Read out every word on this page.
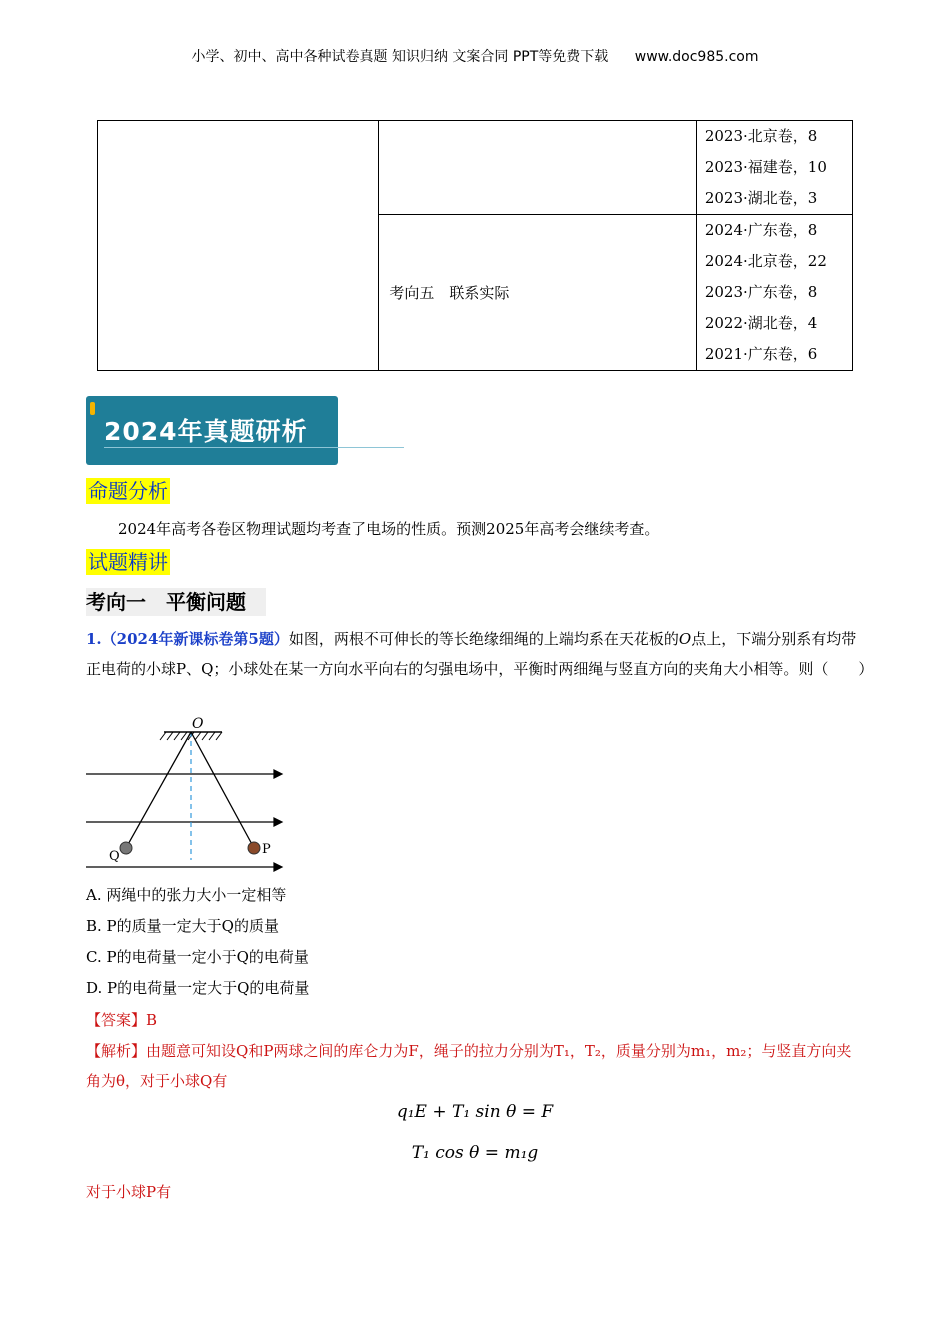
小学、初中、高中各种试卷真题 知识归纳 文案合同 PPT等免费下载 www.doc985.com

		2023·北京卷，8
2023·福建卷，10
2023·湖北卷，3

	考向五　联系实际	2024·广东卷，8
2024·北京卷，22
2023·广东卷，8
2022·湖北卷，4
2021·广东卷，6
2024年真题研析
命题分析
2024年高考各卷区物理试题均考查了电场的性质。预测2025年高考会继续考查。
试题精讲
考向一　平衡问题
1.（2024年新课标卷第5题）如图，两根不可伸长的等长绝缘细绳的上端均系在天花板的O点上，下端分别系有均带正电荷的小球P、Q；小球处在某一方向水平向右的匀强电场中，平衡时两细绳与竖直方向的夹角大小相等。则（　　）
O
Q	P
A. 两绳中的张力大小一定相等
B. P的质量一定大于Q的质量
C. P的电荷量一定小于Q的电荷量
D. P的电荷量一定大于Q的电荷量
【答案】B
【解析】由题意可知设Q和P两球之间的库仑力为F，绳子的拉力分别为T₁，T₂，质量分别为m₁，m₂；与竖直方向夹角为θ，对于小球Q有
q₁E + T₁ sin θ = F
T₁ cos θ = m₁g
对于小球P有
